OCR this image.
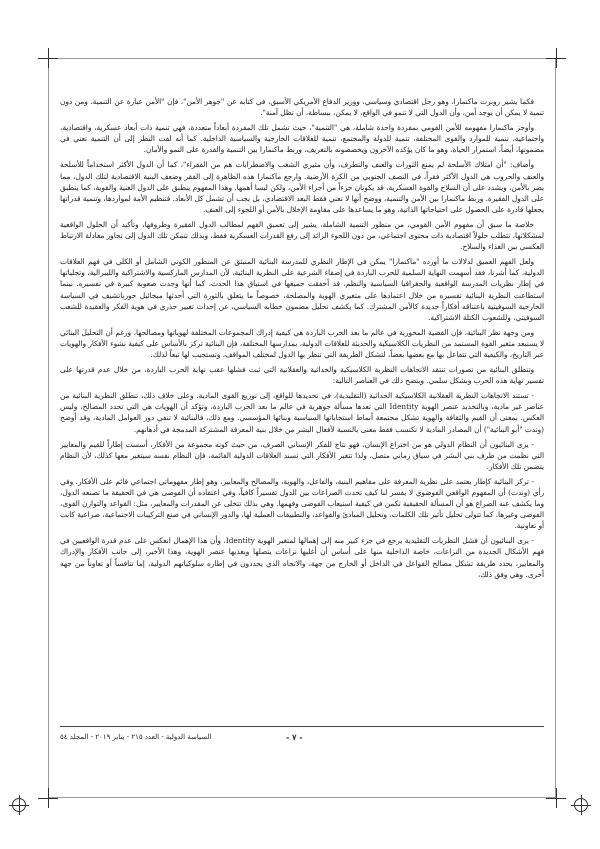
فكما يشير روبرت ماكنمارا، وهو رجل اقتصادي وسياسي، ووزير الدفاع الأمريكي الأسبق، في كتابه عن "جوهر الأمن"، فإن "الأمن عبارة عن التنمية، ومن دون تنمية لا يمكن أن يوجد أمن، وأن الدول التي لا تنمو في الواقع، لا يمكن، ببساطة، أن تظل آمنة".

وأوجز ماكنمارا مفهومه للأمن القومي بمفردة واحدة شاملة، هي "التنمية"، حيث تشمل تلك المفردة أبعاداً متعددة، فهي تنمية ذات أبعاد عسكرية، واقتصادية، واجتماعية، تنمية للموارد والقوى المختلفة، تنمية للدولة والمجتمع، تنمية للعلاقات الخارجية والسياسية الداخلية. كما أنه لفت النظر إلى أن التنمية تعني في مضمونها، أيضاً، استمرار الحياة، وهو ما كان يؤكده الآخرون ويخصصونه بالتعريف، وربط ماكنمارا بين التنمية والقدرة على النمو والأمان.

وأضاف: "أن امتلاك الأسلحة لم يمنع الثورات والعنف والتطرف، وأن مثيري الشغب والاضطرابات هم من الفقراء"، كما أن الدول الأكثر استخداماً للأسلحة والعنف والحروب هي الدول الأكثر فقراً، في النصف الجنوبي من الكرة الأرضية. وارجع ماكنمارا هذه الظاهرة إلى الفقر وضعف البنية الاقتصادية لتلك الدول، مما يضر بالأمن، ويشدد على أن السلاح والقوة العسكرية، قد يكونان جزءاً من أجزاء الأمن، ولكن ليسا أهمها. وهذا المفهوم ينطبق على الدول الغنية والقوية، كما ينطبق على الدول الفقيرة. وربط ماكنمارا بين الأمن والتنمية، ووضح أنها لا تعني فقط البعد الاقتصادي، بل يجب أن تشمل كل الأبعاد. فتنظيم الأمة لمواردها، وتنمية قدراتها يجعلها قادرة على الحصول على احتياجاتها الذاتية، وهو ما يساعدها على مقاومة الإخلال بالأمن أو اللجوء إلى العنف.

خلاصة ما سبق أن مفهوم الأمن القومي، من منظور التنمية الشاملة، يشير إلى تعميق الفهم لمطالب الدول الفقيرة وظروفها، وتأكيد أن الحلول الواقعية لمشكلاتها، تتطلب حلولاً اقتصادية ذات محتوى اجتماعي، من دون اللجوء الزائد إلى رفع القدرات العسكرية فقط، وبذلك تتمكن تلك الدول إلى تجاوز معادلة الارتباط العكسي بين الغذاء والسلاح.

ولعل الفهم العميق لدلالات ما أورده "ماكنمارا" يمكن في الإطار النظري للمدرسة البنائية المنبثق عن المنظور الكوني الشامل أو الكلي في فهم العلاقات الدولية، كما أشرنا، فقد أسهمت النهاية السلمية للحرب الباردة في إضفاء الشرعية على النظرية البنائية، لأن المدارس الماركسية والاشتراكية والليبرالية، وتجلياتها في إطار نظريات المدرسة الواقعية والجغرافيا السياسية والنظم، قد أخفقت جميعها في استباق هذا الحدث، كما أنها وجدت صعوبة كبيرة في تفسيره. بينما استطاعت النظرية البنائية تفسيره من خلال اعتمادها على متغيري الهوية والمصلحة، خصوصاً ما يتعلق بالثورة التي أحدثها ميخائيل جورباتشيف في السياسة الخارجية السوفيتية باعتناقه أفكاراً جديدة كالأمن المشترك. كما يكشف تحليل مضمون خطابه السياسي، عن إحداث تغيير جذري في هوية الفكر والعقيدة للشعب السوفيتي، وللشعوب الكتلة الاشتراكية.

ومن وجهة نظر البنائية، فإن القضية المحورية في عالم ما بعد الحرب الباردة هي كيفية إدراك المجموعات المختلفة لهوياتها ومصالحها، ورغم أن التحليل البنائي لا يستبعد متغير القوة المستمد من النظريات الكلاسيكية والحديثة للعلاقات الدولية، بمدارسها المختلفة، فإن البنائية تركز بالأساس على كيفية نشوء الأفكار والهويات عبر التاريخ، والكيفية التي تتفاعل بها مع بعضها بعضاً، لتشكل الطريقة التي تنظر بها الدول لمختلف المواقف، وتستجيب لها تبعاً لذلك.

وتنطلق البنائية من تصورات تنتقد الاتجاهات النظرية الكلاسيكية والحداثية والعقلانية التي ثبت فشلها عقب نهاية الحرب الباردة، من خلال عدم قدرتها على تفسير نهاية هذه الحرب وبشكل سلمي. ويتضح ذلك في العناصر التالية:

- تستند الاتجاهات النظرية العقلانية الكلاسيكية الحداثية (التقليدية)، في تحديدها للواقع، إلى توزيع القوى المادية. وعلى خلاف ذلك، تنطلق النظرية البنائية من عناصر غير مادية، وبالتحديد عنصر الهوية Identity التي تعدها مسألة جوهرية في عالم ما بعد الحرب الباردة، وتؤكد أن الهويات هي التي تحدد المصالح، وليس العكس. بمعنى أن القيم والثقافة والهوية تشكل مجتمعة أنماط استجاباتها السياسية وبنائها المؤسسي. ومع ذلك، فالبنائية لا تنفي دور العوامل المادية، وقد أوضح (وندت "أبو البنائية") أن المصادر المادية لا تكتسب فقط معنى بالنسبة لأفعال البشر من خلال بنية المعرفة المشتركة المدمجة في أذهانهم.

- يرى البنائيون أن النظام الدولي هو من اختراع الإنسان، فهو نتاج للفكر الإنساني الصرف، من حيث كونه مجموعة من الأفكار، أسست إطاراً للقيم والمعايير التي نظمت من طرف بني البشر في سياق زماني متصل، ولذا تتغير الأفكار التي تسند العلاقات الدولية القائمة، فإن النظام نفسه سيتغير معها كذلك، لأن النظام يتضمن تلك الأفكار.

- تركز البنائية كإطار يعتمد على نظرية المعرفة على مفاهيم البنية، والفاعل، والهوية، والمصالح والمعايير، وهو إطار مفهوماتي اجتماعي قائم على الأفكار. وفي رأي (وندت) أن المفهوم الواقعي الفوضوي لا يفسر لنا كيف تحدث الصراعات بين الدول تفسيراً كافياً، وفي اعتقاده أن الفوضى هي في الحقيقة ما تصنعه الدول، وما يكشف عنه الصراع هو أن المسألة الحقيقية تكمن في كيفية استيعاب الفوضى وفهمها. وهي بذلك تتخلى عن المقدرات والمعايير، مثل: القواعد والتوازن القوى، الفوضى وغيرها. كما تتولى تحليل تأثير تلك الكلمات، وتحليل المبادئ والقواعد، والتطبيقات العملية لها، والدور الإنساني في صنع التركيبات الاجتماعية، صراعية كانت أو تعاونية.

- يرى البنائيون أن فشل النظريات التقليدية يرجع في جزء كبير منه إلى إهمالها لمتغير الهوية Identity، وأن هذا الإهمال انعكس على عدم قدرة الواقعيين في فهم الأشكال الجديدة من النزاعات، خاصة الداخلية منها على أساس أن أغلبها نزاعات يتصلها ويغذيها عنصر الهوية، وهذا الأخير، إلى جانب الأفكار والإدراك والمعايير، يحدد طريقة تشكل مصالح الفواعل في الداخل أو الخارج من جهة، والاتجاه الذي يحددون في إطاره سلوكياتهم الدولية، إما تنافساً أو تعاوناً من جهة أخرى. وهي وفق ذلك،

السياسة الدولية - العدد ٢١٥ - يناير ٢٠١٩ - المجلد ٥٤	- ٧ -
